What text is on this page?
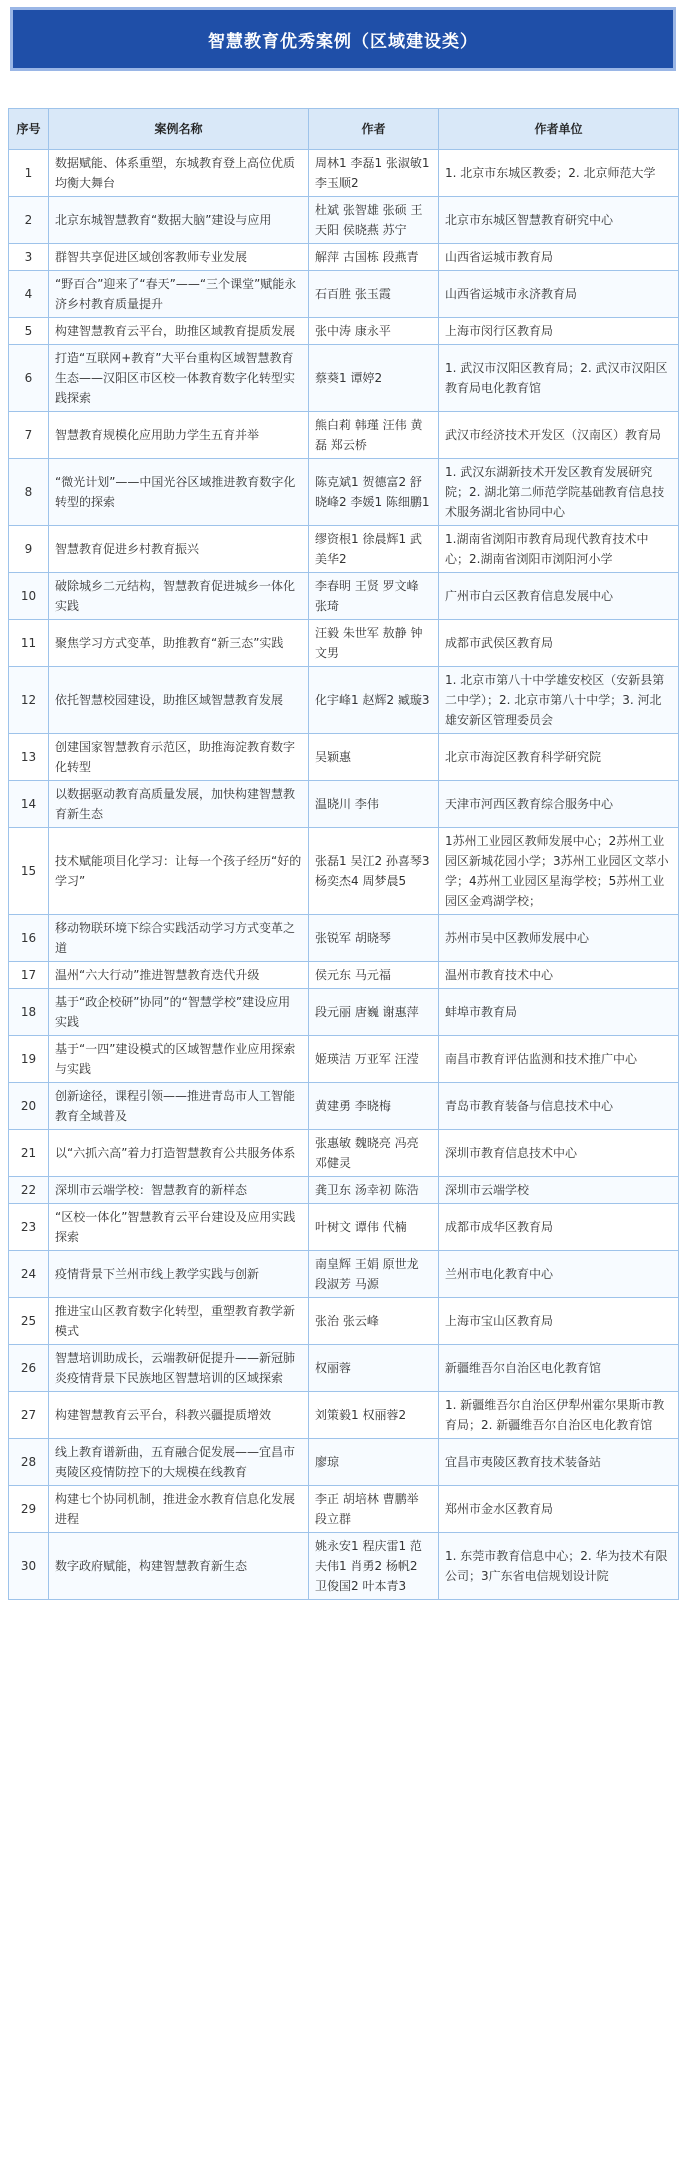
智慧教育优秀案例（区域建设类）
序号	案例名称	作者	作者单位
1	数据赋能、体系重塑，东城教育登上高位优质均衡大舞台	周林1 李磊1 张淑敏1 李玉顺2	1. 北京市东城区教委；2. 北京师范大学
2	北京东城智慧教育“数据大脑”建设与应用	杜斌 张智雄 张硕 王天阳 侯晓燕 苏宁	北京市东城区智慧教育研究中心
3	群智共享促进区域创客教师专业发展	解萍 古国栋 段燕青	山西省运城市教育局
4	“野百合”迎来了“春天”——“三个课堂”赋能永济乡村教育质量提升	石百胜 张玉霞	山西省运城市永济教育局
5	构建智慧教育云平台，助推区域教育提质发展	张中涛 康永平	上海市闵行区教育局
6	打造“互联网+教育”大平台重构区域智慧教育生态——汉阳区市区校一体教育数字化转型实践探索	蔡葵1 谭婷2	1. 武汉市汉阳区教育局；2. 武汉市汉阳区教育局电化教育馆
7	智慧教育规模化应用助力学生五育并举	熊白莉 韩瑾 汪伟 黄磊 郑云桥	武汉市经济技术开发区（汉南区）教育局
8	“微光计划”——中国光谷区域推进教育数字化转型的探索	陈克斌1 贺德富2 舒晓峰2 李媛1 陈细鹏1	1. 武汉东湖新技术开发区教育发展研究院；2. 湖北第二师范学院基础教育信息技术服务湖北省协同中心
9	智慧教育促进乡村教育振兴	缪资根1 徐晨辉1 武美华2	1.湖南省浏阳市教育局现代教育技术中心；2.湖南省浏阳市浏阳河小学
10	破除城乡二元结构，智慧教育促进城乡一体化实践	李春明 王贤 罗文峰 张琦	广州市白云区教育信息发展中心
11	聚焦学习方式变革，助推教育“新三态”实践	汪毅 朱世军 敖静 钟文男	成都市武侯区教育局
12	依托智慧校园建设，助推区域智慧教育发展	化宇峰1 赵辉2 臧璇3	1. 北京市第八十中学雄安校区（安新县第二中学）；2. 北京市第八十中学；3. 河北雄安新区管理委员会
13	创建国家智慧教育示范区，助推海淀教育数字化转型	吴颖惠	北京市海淀区教育科学研究院
14	以数据驱动教育高质量发展，加快构建智慧教育新生态	温晓川 李伟	天津市河西区教育综合服务中心
15	技术赋能项目化学习：让每一个孩子经历“好的学习”	张磊1 吴江2 孙喜琴3 杨奕杰4 周梦晨5	1苏州工业园区教师发展中心；2苏州工业园区新城花园小学；3苏州工业园区文萃小学；4苏州工业园区星海学校；5苏州工业园区金鸡湖学校；
16	移动物联环境下综合实践活动学习方式变革之道	张锐军 胡晓琴	苏州市吴中区教师发展中心
17	温州“六大行动”推进智慧教育迭代升级	侯元东 马元福	温州市教育技术中心
18	基于“政企校研”协同”的“智慧学校”建设应用实践	段元丽 唐巍 谢惠萍	蚌埠市教育局
19	基于“一四”建设模式的区域智慧作业应用探索与实践	姬瑛洁 万亚军 汪滢	南昌市教育评估监测和技术推广中心
20	创新途径，课程引领——推进青岛市人工智能教育全域普及	黄建勇 李晓梅	青岛市教育装备与信息技术中心
21	以“六抓六高”着力打造智慧教育公共服务体系	张惠敏 魏晓亮 冯亮 邓健灵	深圳市教育信息技术中心
22	深圳市云端学校：智慧教育的新样态	龚卫东 汤幸初 陈浩	深圳市云端学校
23	“区校一体化”智慧教育云平台建设及应用实践探索	叶树文 谭伟 代楠	成都市成华区教育局
24	疫情背景下兰州市线上教学实践与创新	南皇辉 王娟 原世龙 段淑芳 马源	兰州市电化教育中心
25	推进宝山区教育数字化转型，重塑教育教学新模式	张治 张云峰	上海市宝山区教育局
26	智慧培训助成长，云端教研促提升——新冠肺炎疫情背景下民族地区智慧培训的区域探索	权丽蓉	新疆维吾尔自治区电化教育馆
27	构建智慧教育云平台，科教兴疆提质增效	刘策毅1 权丽蓉2	1. 新疆维吾尔自治区伊犁州霍尔果斯市教育局；2. 新疆维吾尔自治区电化教育馆
28	线上教育谱新曲，五育融合促发展——宜昌市夷陵区疫情防控下的大规模在线教育	廖琼	宜昌市夷陵区教育技术装备站
29	构建七个协同机制，推进金水教育信息化发展进程	李正 胡培林 曹鹏举 段立群	郑州市金水区教育局
30	数字政府赋能，构建智慧教育新生态	姚永安1 程庆雷1 范夫伟1 肖勇2 杨帆2 卫俊国2 叶本青3	1. 东莞市教育信息中心；2. 华为技术有限公司；3广东省电信规划设计院
